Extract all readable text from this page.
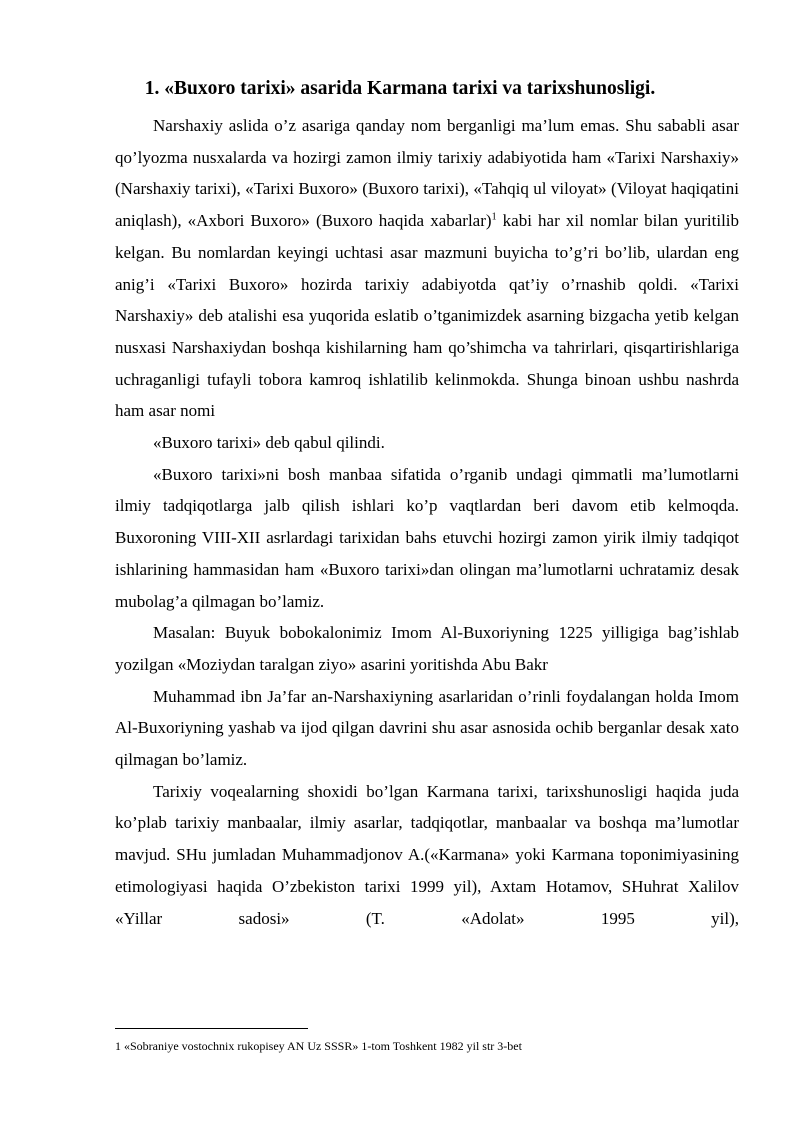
1. «Buxoro tarixi» asarida Karmana tarixi va tarixshunosligi.

Narshaxiy aslida o’z asariga qanday nom berganligi ma’lum emas. Shu sababli asar qo’lyozma nusxalarda va hozirgi zamon ilmiy tarixiy adabiyotida ham «Tarixi Narshaxiy» (Narshaxiy tarixi), «Tarixi Buxoro» (Buxoro tarixi), «Tahqiq ul viloyat» (Viloyat haqiqatini aniqlash), «Axbori Buxoro» (Buxoro haqida xabarlar)$^1$ kabi har xil nomlar bilan yuritilib kelgan. Bu nomlardan keyingi uchtasi asar mazmuni buyicha to’g’ri bo’lib, ulardan eng anig’i «Tarixi Buxoro» hozirda tarixiy adabiyotda qat’iy o’rnashib qoldi. «Tarixi Narshaxiy» deb atalishi esa yuqorida eslatib o’tganimizdek asarning bizgacha yetib kelgan nusxasi Narshaxiydan boshqa kishilarning ham qo’shimcha va tahrirlari, qisqartirishlariga uchraganligi tufayli tobora kamroq ishlatilib kelinmokda. Shunga binoan ushbu nashrda ham asar nomi

«Buxoro tarixi» deb qabul qilindi.

«Buxoro tarixi»ni bosh manbaa sifatida o’rganib undagi qimmatli ma’lumotlarni ilmiy tadqiqotlarga jalb qilish ishlari ko’p vaqtlardan beri davom etib kelmoqda. Buxoroning VIII-XII asrlardagi tarixidan bahs etuvchi hozirgi zamon yirik ilmiy tadqiqot ishlarining hammasidan ham «Buxoro tarixi»dan olingan ma’lumotlarni uchratamiz desak mubolag’a qilmagan bo’lamiz.

Masalan: Buyuk bobokalonimiz Imom Al-Buxoriyning 1225 yilligiga bag’ishlab yozilgan «Moziydan taralgan ziyo» asarini yoritishda Abu Bakr

Muhammad ibn Ja’far an-Narshaxiyning asarlaridan o’rinli foydalangan holda Imom Al-Buxoriyning yashab va ijod qilgan davrini shu asar asnosida ochib berganlar desak xato qilmagan bo’lamiz.

Tarixiy voqealarning shoxidi bo’lgan Karmana tarixi, tarixshunosligi haqida juda ko’plab tarixiy manbaalar, ilmiy asarlar, tadqiqotlar, manbaalar va boshqa ma’lumotlar mavjud. SHu jumladan Muhammadjonov A.(«Karmana» yoki Karmana toponimiyasining etimologiyasi haqida O’zbekiston tarixi 1999 yil), Axtam Hotamov, SHuhrat Xalilov «Yillar sadosi» (T. «Adolat» 1995 yil),

1 «Sobraniye vostochnix rukopisey AN Uz SSSR» 1-tom Toshkent 1982 yil str 3-bet
